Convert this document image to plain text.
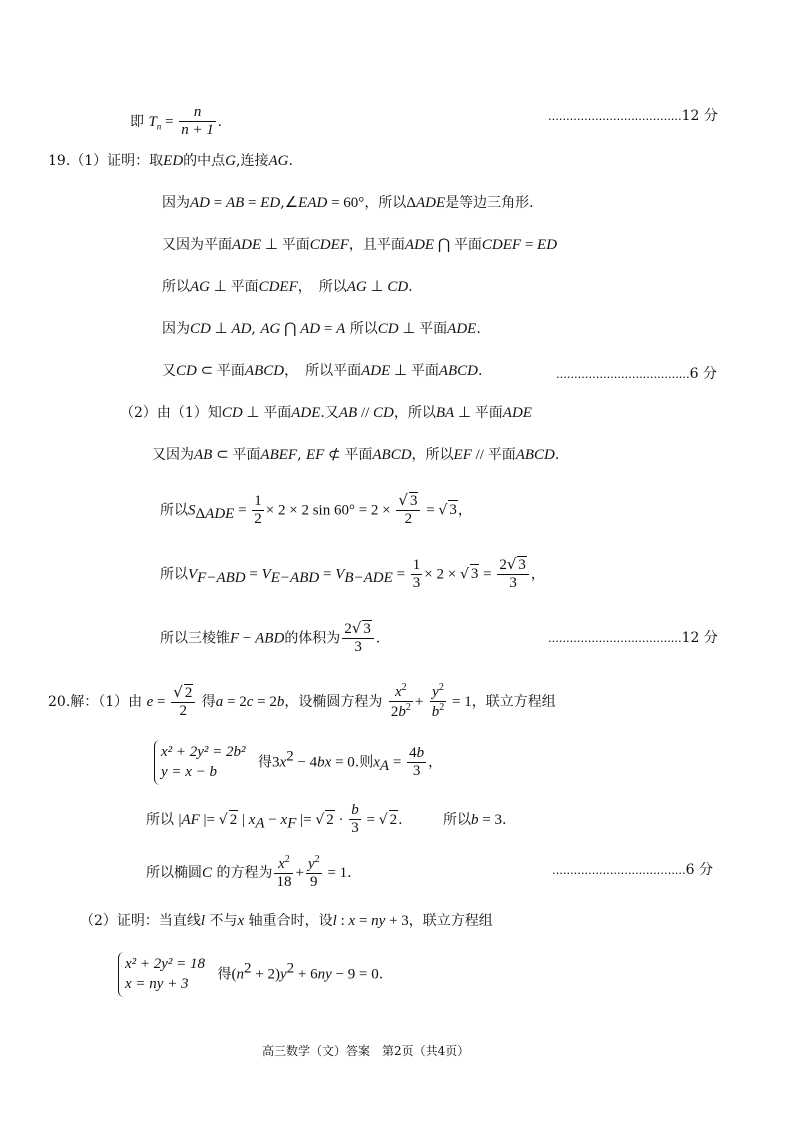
即 $T_n = \frac{n}{n + 1}$ .	.....................................12 分
19.（1）证明：取ED的中点G,连接AG.
因为AD = AB = ED,∠EAD = 60°，所以ΔADE是等边三角形.
又因为平面ADE ⊥ 平面CDEF，且平面ADE ⋂ 平面CDEF = ED
所以AG ⊥ 平面CDEF，　所以AG ⊥ CD.
因为CD ⊥ AD, AG ⋂ AD = A 所以CD ⊥ 平面ADE.
又CD ⊂ 平面ABCD，　所以平面ADE ⊥ 平面ABCD.	.....................................6 分
（2）由（1）知CD ⊥ 平面ADE.又AB // CD，所以BA ⊥ 平面ADE
又因为AB ⊂ 平面ABEF, EF ⊄ 平面ABCD，所以EF // 平面ABCD.
所以$S_{\Delta ADE} = \frac{1}{2} \times 2 \times 2$ $\sin 60^\circ = 2 \times \frac{√ 3}{2}$ = √ 3，
所以$V_{F-ABD} = V_{E-ABD} = V_{B-ADE} = \frac{1}{3} \times 2$ × √ $3 = \frac{2√ 3}{3}$ ，
所以三棱锥F − ABD的体积为 $\frac{2√ 3}{3}$ .	.....................................12 分
20.解：（1）由 $e = \frac{√ 2}{2}$ 得a = 2c = 2b，设椭圆方程为 $\frac{x^2}{2b^2} + \frac{y^2}{b^2} = 1$，联立方程组
x² + 2y² = 2b²
y = x − b
得$3x^2 - 4bx = 0$.则$x_A = \frac{4b}{3}$ ，
所以 |AF |= √ 2 | $x_A - x_F$ |= √ $2 \cdot \frac{b}{3}$ = √ 2.	所以b = 3.
所以椭圆C 的方程为 $\frac{x^2}{18} + \frac{y^2}{9} = 1$.	.....................................6 分
（2）证明：当直线l 不与x 轴重合时，设l : x = ny + 3，联立方程组
x² + 2y² = 18
x = ny + 3
得$(n^2 + 2)y^2 + 6ny - 9 = 0$.
高三数学（文）答案　第2页（共4页）
